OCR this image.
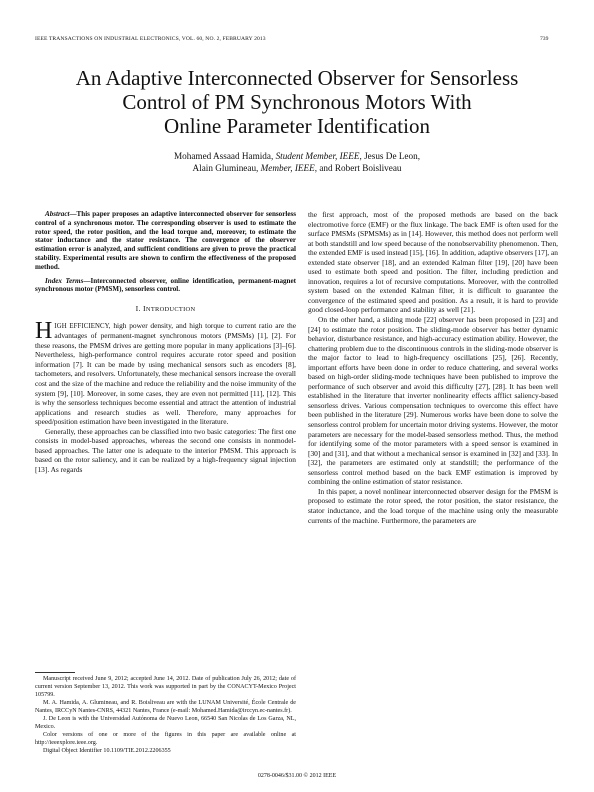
IEEE TRANSACTIONS ON INDUSTRIAL ELECTRONICS, VOL. 60, NO. 2, FEBRUARY 2013	739
An Adaptive Interconnected Observer for Sensorless
Control of PM Synchronous Motors With
Online Parameter Identification
Mohamed Assaad Hamida, Student Member, IEEE, Jesus De Leon,
Alain Glumineau, Member, IEEE, and Robert Boisliveau

Abstract—This paper proposes an adaptive interconnected observer for sensorless control of a synchronous motor. The corresponding observer is used to estimate the rotor speed, the rotor position, and the load torque and, moreover, to estimate the stator inductance and the stator resistance. The convergence of the observer estimation error is analyzed, and sufficient conditions are given to prove the practical stability. Experimental results are shown to confirm the effectiveness of the proposed method.

Index Terms—Interconnected observer, online identification, permanent-magnet synchronous motor (PMSM), sensorless control.

I. INTRODUCTION

HIGH EFFICIENCY, high power density, and high torque to current ratio are the advantages of permanent-magnet synchronous motors (PMSMs) [1], [2]. For these reasons, the PMSM drives are getting more popular in many applications [3]–[6]. Nevertheless, high-performance control requires accurate rotor speed and position information [7]. It can be made by using mechanical sensors such as encoders [8], tachometers, and resolvers. Unfortunately, these mechanical sensors increase the overall cost and the size of the machine and reduce the reliability and the noise immunity of the system [9], [10]. Moreover, in some cases, they are even not permitted [11], [12]. This is why the sensorless techniques become essential and attract the attention of industrial applications and research studies as well. Therefore, many approaches for speed/position estimation have been investigated in the literature.

Generally, these approaches can be classified into two basic categories: The first one consists in model-based approaches, whereas the second one consists in nonmodel-based approaches. The latter one is adequate to the interior PMSM. This approach is based on the rotor saliency, and it can be realized by a high-frequency signal injection [13]. As regards

the first approach, most of the proposed methods are based on the back electromotive force (EMF) or the flux linkage. The back EMF is often used for the surface PMSMs (SPMSMs) as in [14]. However, this method does not perform well at both standstill and low speed because of the nonobservability phenomenon. Then, the extended EMF is used instead [15], [16]. In addition, adaptive observers [17], an extended state observer [18], and an extended Kalman filter [19], [20] have been used to estimate both speed and position. The filter, including prediction and innovation, requires a lot of recursive computations. Moreover, with the controlled system based on the extended Kalman filter, it is difficult to guarantee the convergence of the estimated speed and position. As a result, it is hard to provide good closed-loop performance and stability as well [21].

On the other hand, a sliding mode [22] observer has been proposed in [23] and [24] to estimate the rotor position. The sliding-mode observer has better dynamic behavior, disturbance resistance, and high-accuracy estimation ability. However, the chattering problem due to the discontinuous controls in the sliding-mode observer is the major factor to lead to high-frequency oscillations [25], [26]. Recently, important efforts have been done in order to reduce chattering, and several works based on high-order sliding-mode techniques have been published to improve the performance of such observer and avoid this difficulty [27], [28]. It has been well established in the literature that inverter nonlinearity effects afflict saliency-based sensorless drives. Various compensation techniques to overcome this effect have been published in the literature [29]. Numerous works have been done to solve the sensorless control problem for uncertain motor driving systems. However, the motor parameters are necessary for the model-based sensorless method. Thus, the method for identifying some of the motor parameters with a speed sensor is examined in [30] and [31], and that without a mechanical sensor is examined in [32] and [33]. In [32], the parameters are estimated only at standstill; the performance of the sensorless control method based on the back EMF estimation is improved by combining the online estimation of stator resistance.

In this paper, a novel nonlinear interconnected observer design for the PMSM is proposed to estimate the rotor speed, the rotor position, the stator resistance, the stator inductance, and the load torque of the machine using only the measurable currents of the machine. Furthermore, the parameters are

Manuscript received June 9, 2012; accepted June 14, 2012. Date of publication July 26, 2012; date of current version September 13, 2012. This work was supported in part by the CONACYT-Mexico Project 105799.

M. A. Hamida, A. Glumineau, and R. Boisliveau are with the LUNAM Université, École Centrale de Nantes, IRCCyN Nantes-CNRS, 44321 Nantes, France (e-mail: Mohamed.Hamida@irccyn.ec-nantes.fr).

J. De Leon is with the Universidad Autónoma de Nuevo Leon, 66540 San Nicolas de Los Garza, NL, Mexico.

Color versions of one or more of the figures in this paper are available online at http://ieeexplore.ieee.org.

Digital Object Identifier 10.1109/TIE.2012.2206355

0278-0046/$31.00 © 2012 IEEE
